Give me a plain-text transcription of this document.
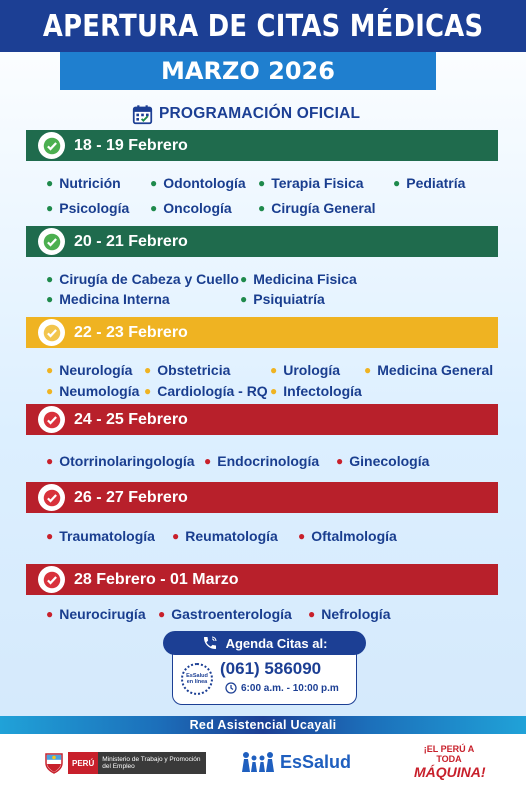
APERTURA DE CITAS MÉDICAS
MARZO 2026
PROGRAMACIÓN OFICIAL
18 - 19 Febrero
● Nutrición ● Odontología ● Terapia Fisica ● Pediatría
● Psicología ● Oncología ● Cirugía General
20 - 21 Febrero
● Cirugía de Cabeza y Cuello ● Medicina Fisica
● Medicina Interna	● Psiquiatría
22 - 23 Febrero
● Neurología ● Obstetricia	● Urología ● Medicina General
● Neumología ● Cardiología - RQ ● Infectología
24 - 25 Febrero
● Otorrinolaringología ● Endocrinología ● Ginecología
26 - 27 Febrero
● Traumatología ● Reumatología ● Oftalmología
28 Febrero - 01 Marzo
● Neurocirugía ● Gastroenterología ● Nefrología
EsSalud
en línea
(061) 586090
6:00 a.m. - 10:00 p.m
Agenda Citas al:
Red Asistencial Ucayali
PERÚ	Ministerio de Trabajo y Promoción del Empleo	EsSalud
¡EL PERÚ A TODA
MÁQUINA!
